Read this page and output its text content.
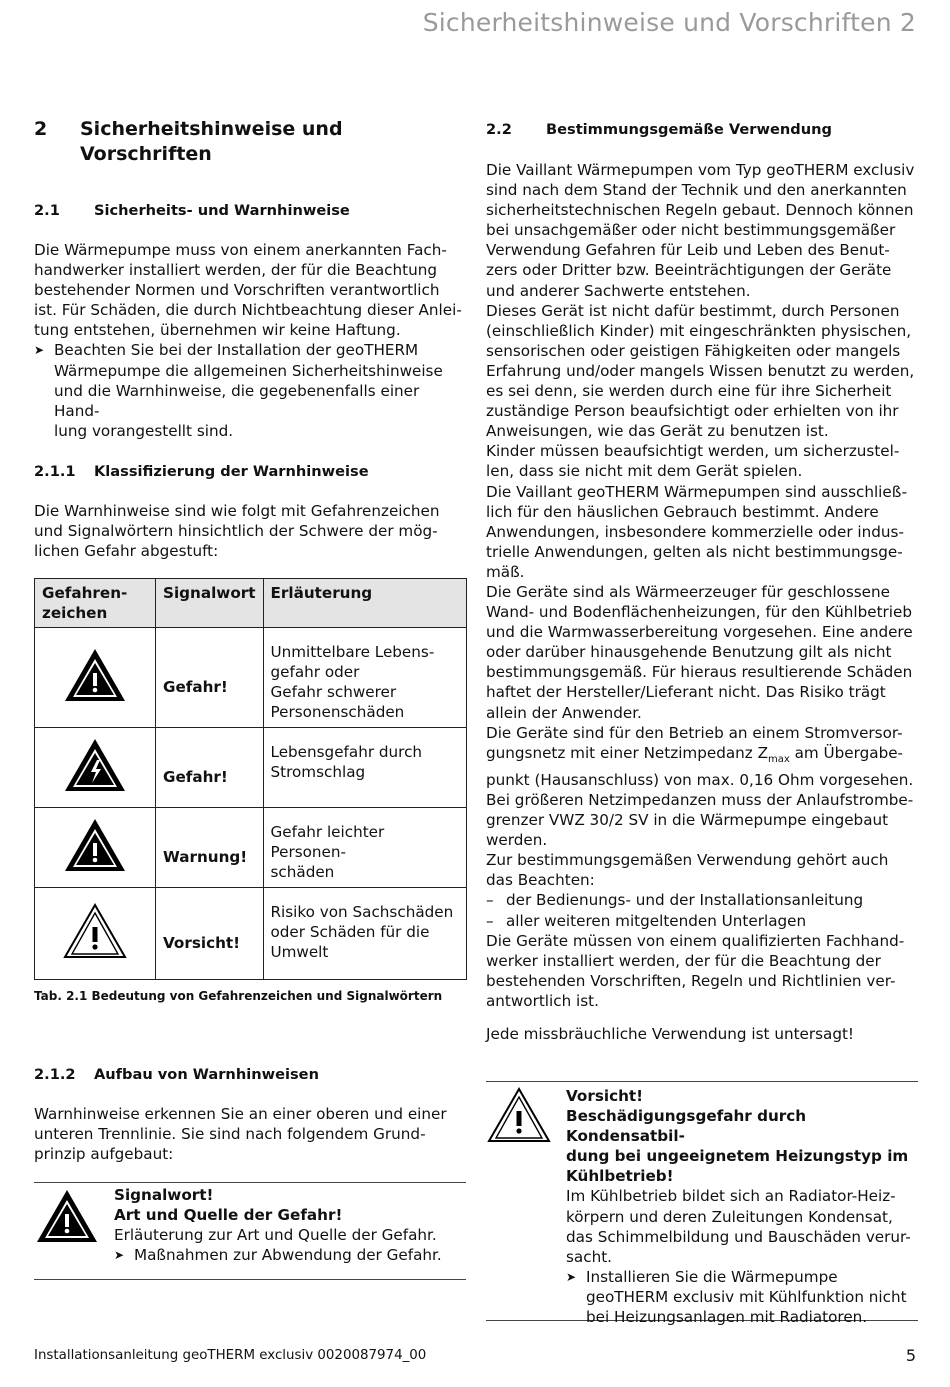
Sicherheitshinweise und Vorschriften 2
2 Sicherheitshinweise und Vorschriften
2.1 Sicherheits- und Warnhinweise
Die Wärmepumpe muss von einem anerkannten Fach-
handwerker installiert werden, der für die Beachtung
bestehender Normen und Vorschriften verantwortlich
ist. Für Schäden, die durch Nichtbeachtung dieser Anlei-
tung entstehen, übernehmen wir keine Haftung.
➤ Beachten Sie bei der Installation der geoTHERM
Wärmepumpe die allgemeinen Sicherheitshinweise
und die Warnhinweise, die gegebenenfalls einer Hand-
lung vorangestellt sind.
2.1.1 Klassifizierung der Warnhinweise
Die Warnhinweise sind wie folgt mit Gefahrenzeichen
und Signalwörtern hinsichtlich der Schwere der mög-
lichen Gefahr abgestuft:
Gefahren-
zeichen	Signalwort	Erläuterung
	Gefahr!	Unmittelbare Lebens-
gefahr oder
Gefahr schwerer
Personenschäden
	Gefahr!	Lebensgefahr durch
Stromschlag
	Warnung!	Gefahr leichter Personen-
schäden
	Vorsicht!	Risiko von Sachschäden
oder Schäden für die
Umwelt
Tab. 2.1 Bedeutung von Gefahrenzeichen und Signalwörtern
2.1.2 Aufbau von Warnhinweisen
Warnhinweise erkennen Sie an einer oberen und einer
unteren Trennlinie. Sie sind nach folgendem Grund-
prinzip aufgebaut:
Signalwort!
Art und Quelle der Gefahr!
Erläuterung zur Art und Quelle der Gefahr.
➤ Maßnahmen zur Abwendung der Gefahr.
2.2 Bestimmungsgemäße Verwendung
Die Vaillant Wärmepumpen vom Typ geoTHERM exclusiv
sind nach dem Stand der Technik und den anerkannten
sicherheitstechnischen Regeln gebaut. Dennoch können
bei unsachgemäßer oder nicht bestimmungsgemäßer
Verwendung Gefahren für Leib und Leben des Benut-
zers oder Dritter bzw. Beeinträchtigungen der Geräte
und anderer Sachwerte entstehen.
Dieses Gerät ist nicht dafür bestimmt, durch Personen
(einschließlich Kinder) mit eingeschränkten physischen,
sensorischen oder geistigen Fähigkeiten oder mangels
Erfahrung und/oder mangels Wissen benutzt zu werden,
es sei denn, sie werden durch eine für ihre Sicherheit
zuständige Person beaufsichtigt oder erhielten von ihr
Anweisungen, wie das Gerät zu benutzen ist.
Kinder müssen beaufsichtigt werden, um sicherzustel-
len, dass sie nicht mit dem Gerät spielen.
Die Vaillant geoTHERM Wärmepumpen sind ausschließ-
lich für den häuslichen Gebrauch bestimmt. Andere
Anwendungen, insbesondere kommerzielle oder indus-
trielle Anwendungen, gelten als nicht bestimmungsge-
mäß.
Die Geräte sind als Wärmeerzeuger für geschlossene
Wand- und Bodenflächenheizungen, für den Kühlbetrieb
und die Warmwasserbereitung vorgesehen. Eine andere
oder darüber hinausgehende Benutzung gilt als nicht
bestimmungsgemäß. Für hieraus resultierende Schäden
haftet der Hersteller/Lieferant nicht. Das Risiko trägt
allein der Anwender.
Die Geräte sind für den Betrieb an einem Stromversor-
gungsnetz mit einer Netzimpedanz $Z_{max}$ am Übergabe-
punkt (Hausanschluss) von max. 0,16 Ohm vorgesehen.
Bei größeren Netzimpedanzen muss der Anlaufstrombe-
grenzer VWZ 30/2 SV in die Wärmepumpe eingebaut
werden.
Zur bestimmungsgemäßen Verwendung gehört auch
das Beachten:
– der Bedienungs- und der Installationsanleitung
– aller weiteren mitgeltenden Unterlagen
Die Geräte müssen von einem qualifizierten Fachhand-
werker installiert werden, der für die Beachtung der
bestehenden Vorschriften, Regeln und Richtlinien ver-
antwortlich ist.
Jede missbräuchliche Verwendung ist untersagt!
Vorsicht!
Beschädigungsgefahr durch Kondensatbil-
dung bei ungeeignetem Heizungstyp im
Kühlbetrieb!
Im Kühlbetrieb bildet sich an Radiator-Heiz-
körpern und deren Zuleitungen Kondensat,
das Schimmelbildung und Bauschäden verur-
sacht.
➤ Installieren Sie die Wärmepumpe
geoTHERM exclusiv mit Kühlfunktion nicht
bei Heizungsanlagen mit Radiatoren.
Installationsanleitung geoTHERM exclusiv 0020087974_00	5
